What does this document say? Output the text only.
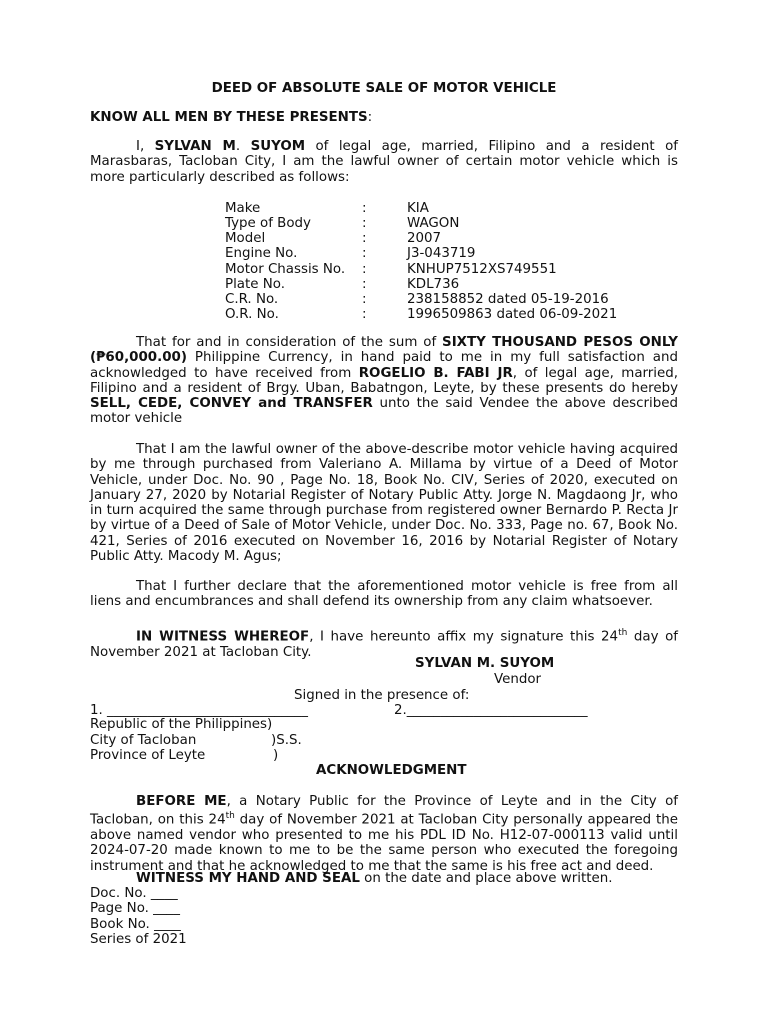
DEED OF ABSOLUTE SALE OF MOTOR VEHICLE
KNOW ALL MEN BY THESE PRESENTS:

I, SYLVAN M. SUYOM of legal age, married, Filipino and a resident of Marasbaras, Tacloban City, I am the lawful owner of certain motor vehicle which is more particularly described as follows:

Make	:	KIA
Type of Body	:	WAGON
Model	:	2007
Engine No.	:	J3-043719
Motor Chassis No. :	KNHUP7512XS749551
Plate No.	:	KDL736
C.R. No.	:	238158852 dated 05-19-2016
O.R. No.	:	1996509863 dated 06-09-2021

That for and in consideration of the sum of SIXTY THOUSAND PESOS ONLY (₱60,000.00) Philippine Currency, in hand paid to me in my full satisfaction and acknowledged to have received from ROGELIO B. FABI JR, of legal age, married, Filipino and a resident of Brgy. Uban, Babatngon, Leyte, by these presents do hereby SELL, CEDE, CONVEY and TRANSFER unto the said Vendee the above described motor vehicle

That I am the lawful owner of the above-describe motor vehicle having acquired by me through purchased from Valeriano A. Millama by virtue of a Deed of Motor Vehicle, under Doc. No. 90 , Page No. 18, Book No. CIV, Series of 2020, executed on January 27, 2020 by Notarial Register of Notary Public Atty. Jorge N. Magdaong Jr, who in turn acquired the same through purchase from registered owner Bernardo P. Recta Jr by virtue of a Deed of Sale of Motor Vehicle, under Doc. No. 333, Page no. 67, Book No. 421, Series of 2016 executed on November 16, 2016 by Notarial Register of Notary Public Atty. Macody M. Agus;

That I further declare that the aforementioned motor vehicle is free from all liens and encumbrances and shall defend its ownership from any claim whatsoever.

IN WITNESS WHEREOF, I have hereunto affix my signature this 24th day of November 2021 at Tacloban City.

SYLVAN M. SUYOM
Vendor
Signed in the presence of:
1. ______________________________	2.___________________________
Republic of the Philippines)
City of Tacloban	)S.S.
Province of Leyte	)
ACKNOWLEDGMENT

BEFORE ME, a Notary Public for the Province of Leyte and in the City of Tacloban, on this 24th day of November 2021 at Tacloban City personally appeared the above named vendor who presented to me his PDL ID No. H12-07-000113 valid until 2024-07-20 made known to me to be the same person who executed the foregoing instrument and that he acknowledged to me that the same is his free act and deed.

WITNESS MY HAND AND SEAL on the date and place above written.
Doc. No. ____
Page No. ____
Book No. ____
Series of 2021
